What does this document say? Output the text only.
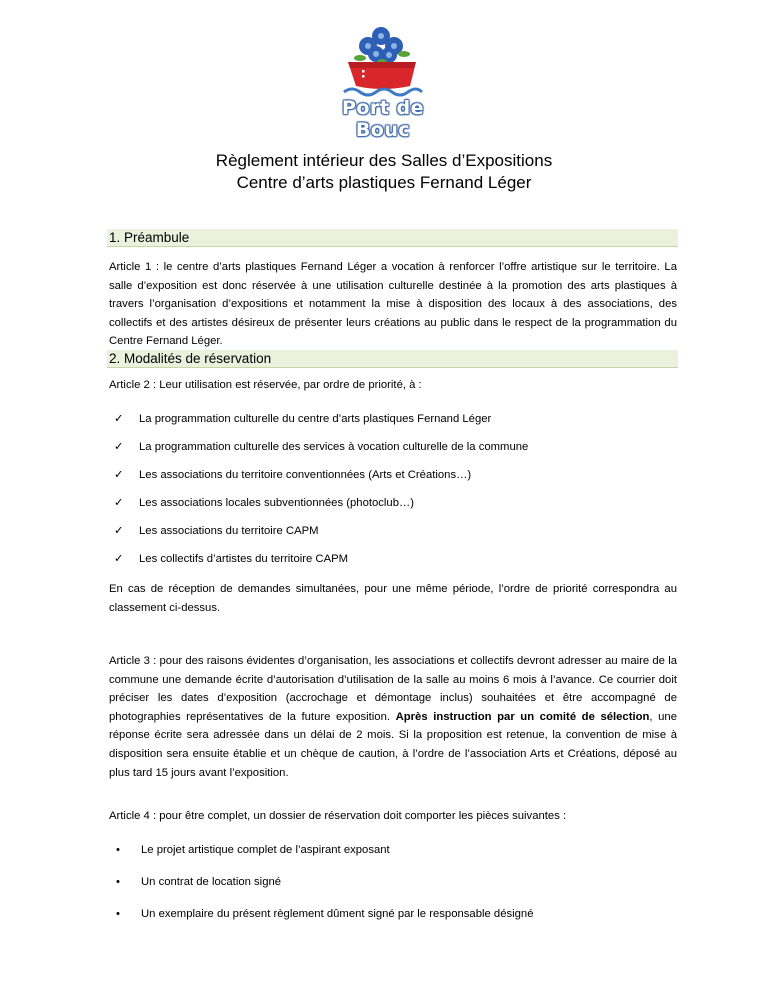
Port de Bouc
Règlement intérieur des Salles d’Expositions
Centre d’arts plastiques Fernand Léger
1. Préambule
Article 1 : le centre d’arts plastiques Fernand Léger a vocation à renforcer l’offre artistique sur le territoire. La salle d’exposition est donc réservée à une utilisation culturelle destinée à la promotion des arts plastiques à travers l’organisation d’expositions et notamment la mise à disposition des locaux à des associations, des collectifs et des artistes désireux de présenter leurs créations au public dans le respect de la programmation du Centre Fernand Léger.
2. Modalités de réservation
Article 2 : Leur utilisation est réservée, par ordre de priorité, à :
✓ La programmation culturelle du centre d’arts plastiques Fernand Léger
✓ La programmation culturelle des services à vocation culturelle de la commune
✓ Les associations du territoire conventionnées (Arts et Créations…)
✓ Les associations locales subventionnées (photoclub…)
✓ Les associations du territoire CAPM
✓ Les collectifs d’artistes du territoire CAPM
En cas de réception de demandes simultanées, pour une même période, l’ordre de priorité correspondra au classement ci-dessus.
Article 3 : pour des raisons évidentes d’organisation, les associations et collectifs devront adresser au maire de la commune une demande écrite d’autorisation d’utilisation de la salle au moins 6 mois à l’avance. Ce courrier doit préciser les dates d’exposition (accrochage et démontage inclus) souhaitées et être accompagné de photographies représentatives de la future exposition. Après instruction par un comité de sélection, une réponse écrite sera adressée dans un délai de 2 mois. Si la proposition est retenue, la convention de mise à disposition sera ensuite établie et un chèque de caution, à l’ordre de l’association Arts et Créations, déposé au plus tard 15 jours avant l’exposition.
Article 4 : pour être complet, un dossier de réservation doit comporter les pièces suivantes :
• Le projet artistique complet de l’aspirant exposant
• Un contrat de location signé
• Un exemplaire du présent règlement dûment signé par le responsable désigné
